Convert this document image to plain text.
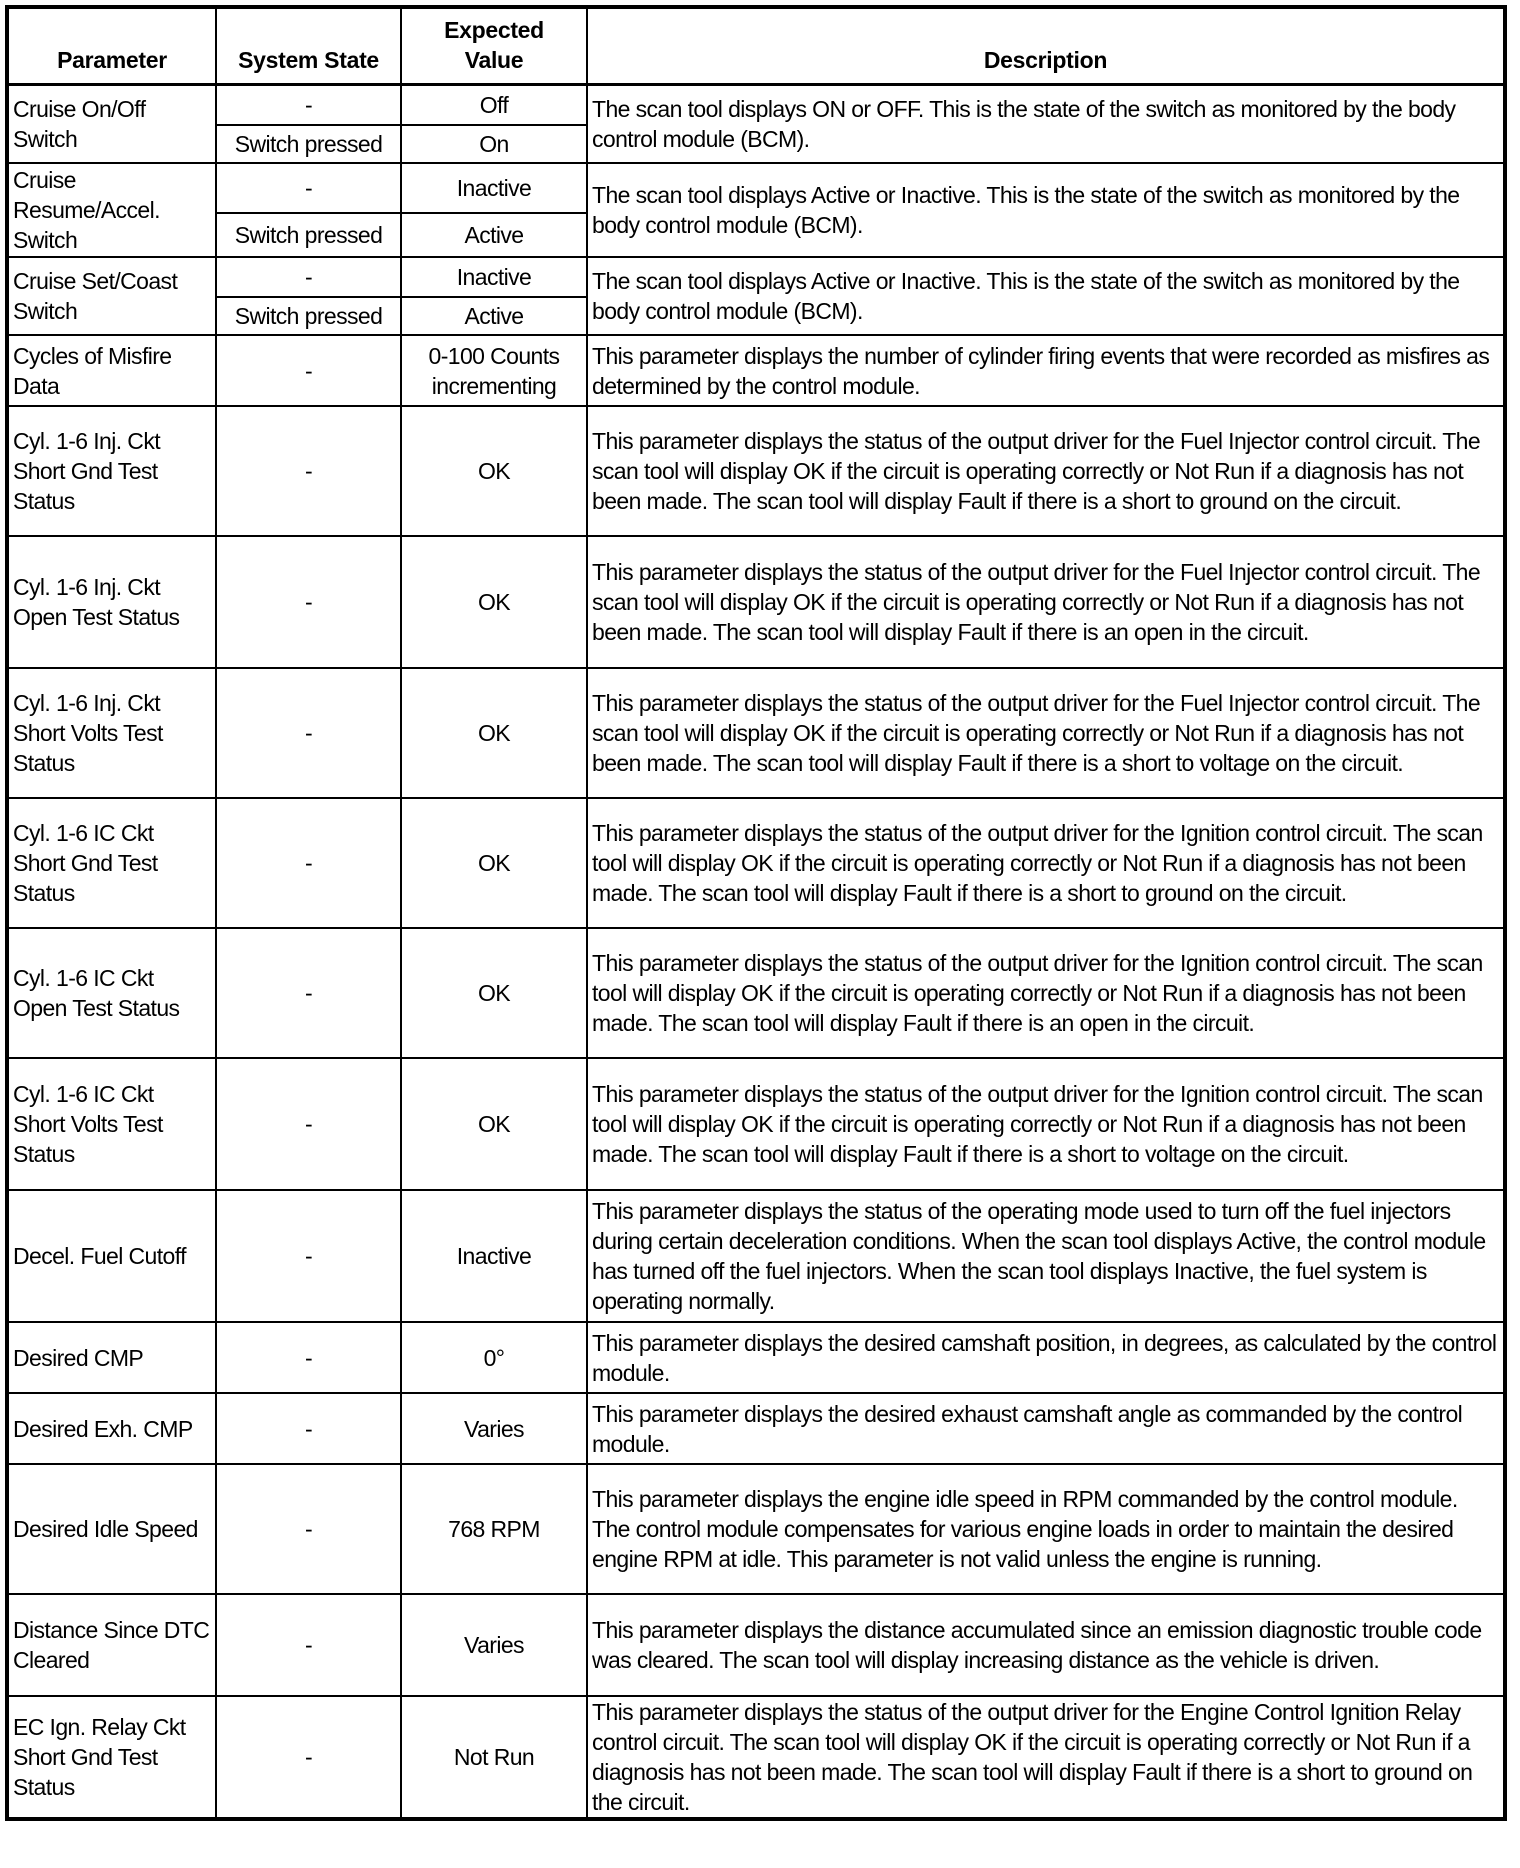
Parameter	System State	Expected Value	Description
Cruise On/Off Switch	-	Off	The scan tool displays ON or OFF. This is the state of the switch as monitored by the body control module (BCM).
	Switch pressed	On	
Cruise Resume/Accel. Switch	-	Inactive	The scan tool displays Active or Inactive. This is the state of the switch as monitored by the body control module (BCM).
	Switch pressed	Active	
Cruise Set/Coast Switch	-	Inactive	The scan tool displays Active or Inactive. This is the state of the switch as monitored by the body control module (BCM).
	Switch pressed	Active	
Cycles of Misfire Data	-	0-100 Counts incrementing	This parameter displays the number of cylinder firing events that were recorded as misfires as determined by the control module.
Cyl. 1-6 Inj. Ckt Short Gnd Test Status	-	OK	This parameter displays the status of the output driver for the Fuel Injector control circuit. The scan tool will display OK if the circuit is operating correctly or Not Run if a diagnosis has not been made. The scan tool will display Fault if there is a short to ground on the circuit.
Cyl. 1-6 Inj. Ckt Open Test Status	-	OK	This parameter displays the status of the output driver for the Fuel Injector control circuit. The scan tool will display OK if the circuit is operating correctly or Not Run if a diagnosis has not been made. The scan tool will display Fault if there is an open in the circuit.
Cyl. 1-6 Inj. Ckt Short Volts Test Status	-	OK	This parameter displays the status of the output driver for the Fuel Injector control circuit. The scan tool will display OK if the circuit is operating correctly or Not Run if a diagnosis has not been made. The scan tool will display Fault if there is a short to voltage on the circuit.
Cyl. 1-6 IC Ckt Short Gnd Test Status	-	OK	This parameter displays the status of the output driver for the Ignition control circuit. The scan tool will display OK if the circuit is operating correctly or Not Run if a diagnosis has not been made. The scan tool will display Fault if there is a short to ground on the circuit.
Cyl. 1-6 IC Ckt Open Test Status	-	OK	This parameter displays the status of the output driver for the Ignition control circuit. The scan tool will display OK if the circuit is operating correctly or Not Run if a diagnosis has not been made. The scan tool will display Fault if there is an open in the circuit.
Cyl. 1-6 IC Ckt Short Volts Test Status	-	OK	This parameter displays the status of the output driver for the Ignition control circuit. The scan tool will display OK if the circuit is operating correctly or Not Run if a diagnosis has not been made. The scan tool will display Fault if there is a short to voltage on the circuit.
Decel. Fuel Cutoff	-	Inactive	This parameter displays the status of the operating mode used to turn off the fuel injectors during certain deceleration conditions. When the scan tool displays Active, the control module has turned off the fuel injectors. When the scan tool displays Inactive, the fuel system is operating normally.
Desired CMP	-	0°	This parameter displays the desired camshaft position, in degrees, as calculated by the control module.
Desired Exh. CMP	-	Varies	This parameter displays the desired exhaust camshaft angle as commanded by the control module.
Desired Idle Speed	-	768 RPM	This parameter displays the engine idle speed in RPM commanded by the control module. The control module compensates for various engine loads in order to maintain the desired engine RPM at idle. This parameter is not valid unless the engine is running.
Distance Since DTC Cleared	-	Varies	This parameter displays the distance accumulated since an emission diagnostic trouble code was cleared. The scan tool will display increasing distance as the vehicle is driven.
EC Ign. Relay Ckt Short Gnd Test Status	-	Not Run	This parameter displays the status of the output driver for the Engine Control Ignition Relay control circuit. The scan tool will display OK if the circuit is operating correctly or Not Run if a diagnosis has not been made. The scan tool will display Fault if there is a short to ground on the circuit.
